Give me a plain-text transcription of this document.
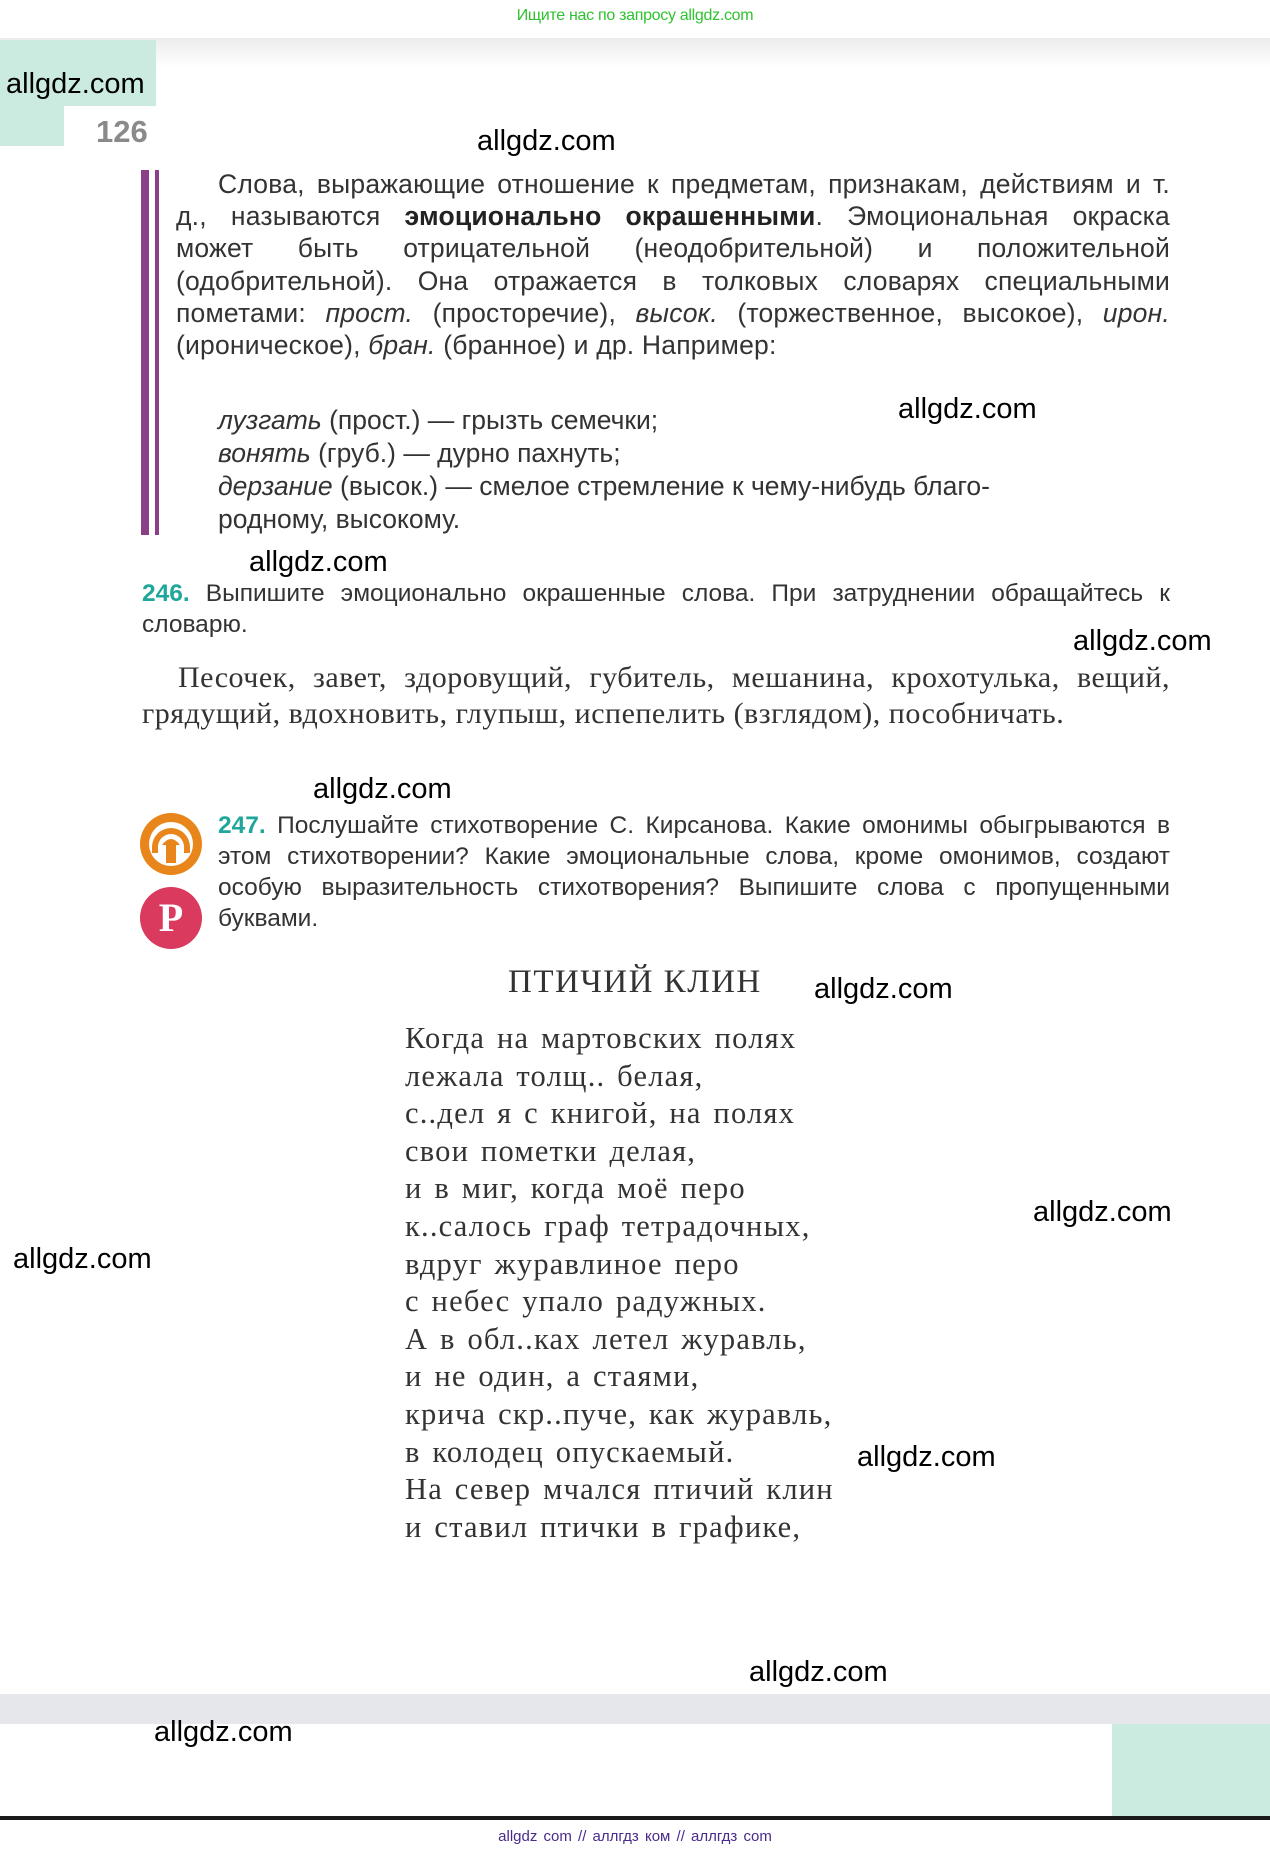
Ищите нас по запросу allgdz.com
126
Слова, выражающие отношение к предметам, признакам, действиям и т. д., называются эмоционально окрашенными. Эмоциональная окраска может быть отрицательной (неодобрительной) и положительной (одобрительной). Она отражается в толковых словарях специальными пометами: прост. (просторечие), высок. (торжественное, высокое), ирон. (ироническое), бран. (бранное) и др. Например:
лузгать (прост.) — грызть семечки;
вонять (груб.) — дурно пахнуть;
дерзание (высок.) — смелое стремление к чему-нибудь благо-
родному, высокому.
246. Выпишите эмоционально окрашенные слова. При затруднении обращайтесь к словарю.
Песочек, завет, здоровущий, губитель, мешанина, крохотулька, вещий, грядущий, вдохновить, глупыш, испепелить (взглядом), пособничать.
P
247. Послушайте стихотворение С. Кирсанова. Какие омонимы обыгрываются в этом стихотворении? Какие эмоциональные слова, кроме омонимов, создают особую выразительность стихотворения? Выпишите слова с пропущенными буквами.
ПТИЧИЙ КЛИН
Когда на мартовских полях
лежала толщ.. белая,
с..дел я с книгой, на полях
свои пометки делая,
и в миг, когда моё перо
к..салось граф тетрадочных,
вдруг журавлиное перо
с небес упало радужных.
А в обл..ках летел журавль,
и не один, а стаями,
крича скр..пуче, как журавль,
в колодец опускаемый.
На север мчался птичий клин
и ставил птички в графике,
allgdz com // аллгдз ком // аллгдз com
allgdz.com
allgdz.com
allgdz.com
allgdz.com
allgdz.com
allgdz.com
allgdz.com
allgdz.com
allgdz.com
allgdz.com
allgdz.com
allgdz.com
